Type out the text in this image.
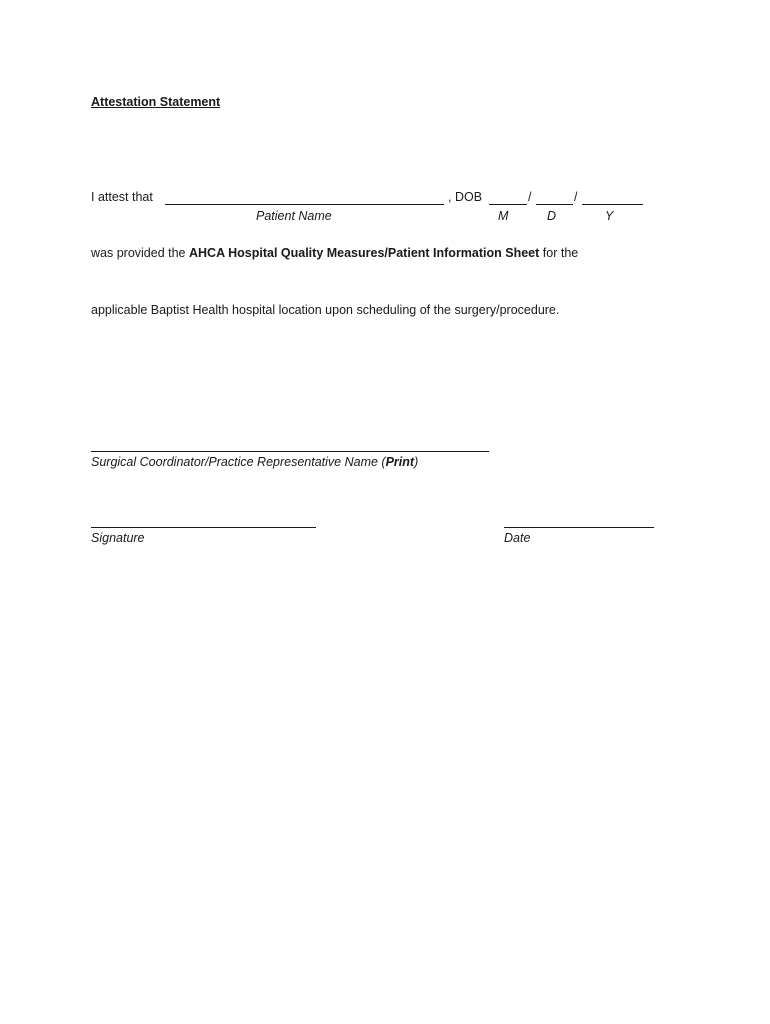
Attestation Statement
I attest that	, DOB	/	/
Patient Name	M	D	Y
was provided the AHCA Hospital Quality Measures/Patient Information Sheet for the
applicable Baptist Health hospital location upon scheduling of the surgery/procedure.
Surgical Coordinator/Practice Representative Name (Print)
Signature	Date
